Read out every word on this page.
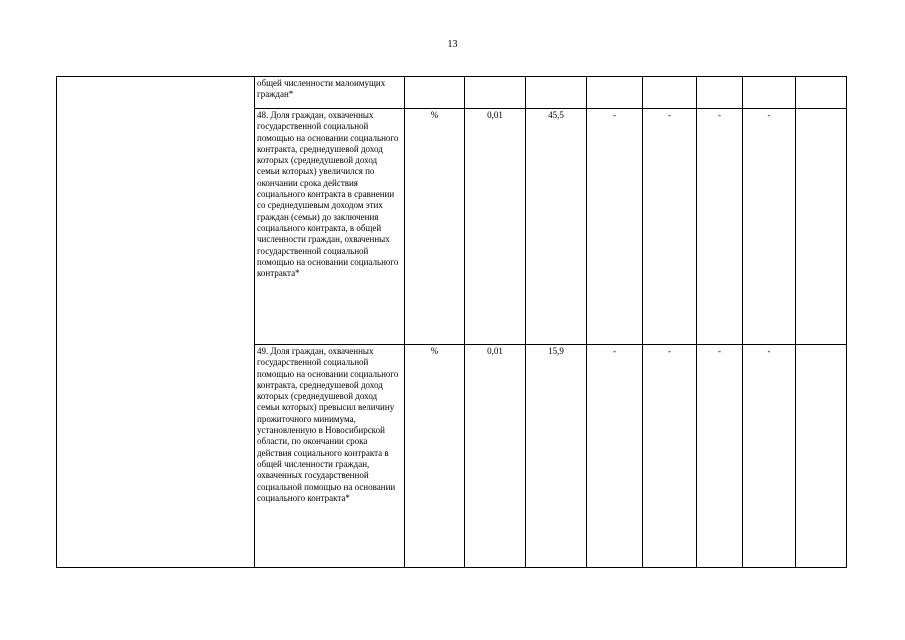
13
	общей численности малоимущих граждан*								
	48. Доля граждан, охваченных государственной социальной помощью на основании социального контракта, среднедушевой доход которых (среднедушевой доход семьи которых) увеличился по окончании срока действия социального контракта в сравнении со среднедушевым доходом этих граждан (семьи) до заключения социального контракта, в общей численности граждан, охваченных государственной социальной помощью на основании социального контракта*	%	0,01	45,5	-	-	-	-	
	49. Доля граждан, охваченных государственной социальной помощью на основании социального контракта, среднедушевой доход которых (среднедушевой доход семьи которых) превысил величину прожиточного минимума, установленную в Новосибирской области, по окончании срока действия социального контракта в общей численности граждан, охваченных государственной социальной помощью на основании социального контракта*	%	0,01	15,9	-	-	-	-	
